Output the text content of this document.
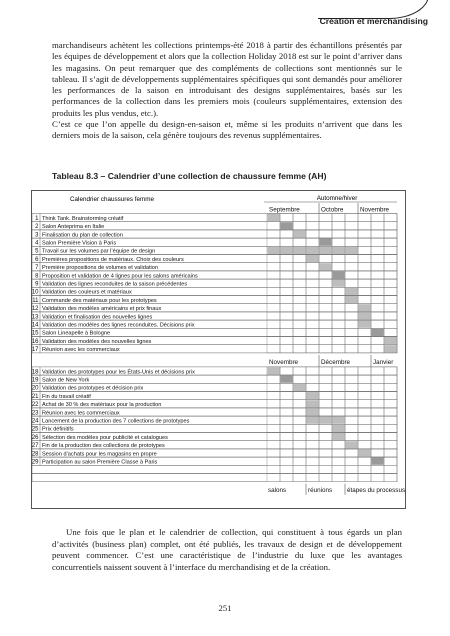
Création et merchandising

marchandiseurs achètent les collections printemps-été 2018 à partir des échantillons présentés par les équipes de développement et alors que la collection Holiday 2018 est sur le point d’arriver dans les magasins. On peut remarquer que des compléments de collections sont mentionnés sur le tableau. Il s’agit de développements supplémentaires spécifiques qui sont demandés pour améliorer les performances de la saison en introduisant des designs supplémentaires, basés sur les performances de la collection dans les premiers mois (couleurs supplémentaires, extension des produits les plus vendus, etc.).

C’est ce que l’on appelle du design-en-saison et, même si les produits n’arrivent que dans les derniers mois de la saison, cela génère toujours des revenus supplémentaires.

Tableau 8.3 – Calendrier d’une collection de chaussure femme (AH)
Calendrier chaussures femme	Automne/hiver
Septembre	Octobre	Novembre
1 Think Tank. Brainstorming créatif
2 Salon Anteprima en Italie
3 Finalisation du plan de collection
4 Salon Première Vision à Paris
5 Travail sur les volumes par l’équipe de design
6 Premières propositions de matériaux. Choix des couleurs
7 Première propositions de volumes et validation
8 Proposition et validation de 4 lignes pour les salons américains
9 Validation des lignes reconduites de la saison précédentes
10 Validation des couleurs et matériaux
11 Commande des matériaux pour les prototypes
12 Validation des modèles américains et prix finaux
13 Validation et finalisation des nouvelles lignes
14 Validation des modèles des lignes reconduites. Décisions prix
15 Salon Lineapelle à Bologne
16 Validation des modèles des nouvelles lignes
17 Réunion avec les commerciaux
Novembre	Décembre	Janvier
18 Validation des prototypes pour les États-Unis et décisions prix
19 Salon de New York
20 Validation des prototypes et décision prix
21 Fin du travail créatif
22 Achat de 30 % des matériaux pour la production
23 Réunion avec les commerciaux
24 Lancement de la production des 7 collections de prototypes
25 Prix définitifs
26 Sélection des modèles pour publicité et catalogues
27 Fin de la production des collections de prototypes
28 Session d’achats pour les magasins en propre
29 Participation au salon Première Classe à Paris
salons	réunions étapes du processus

Une fois que le plan et le calendrier de collection, qui constituent à tous égards un plan d’activités (business plan) complet, ont été publiés, les travaux de design et de développement peuvent commencer. C’est une caractéristique de l’industrie du luxe que les avantages concurrentiels naissent souvent à l’interface du merchandising et de la création.

251
